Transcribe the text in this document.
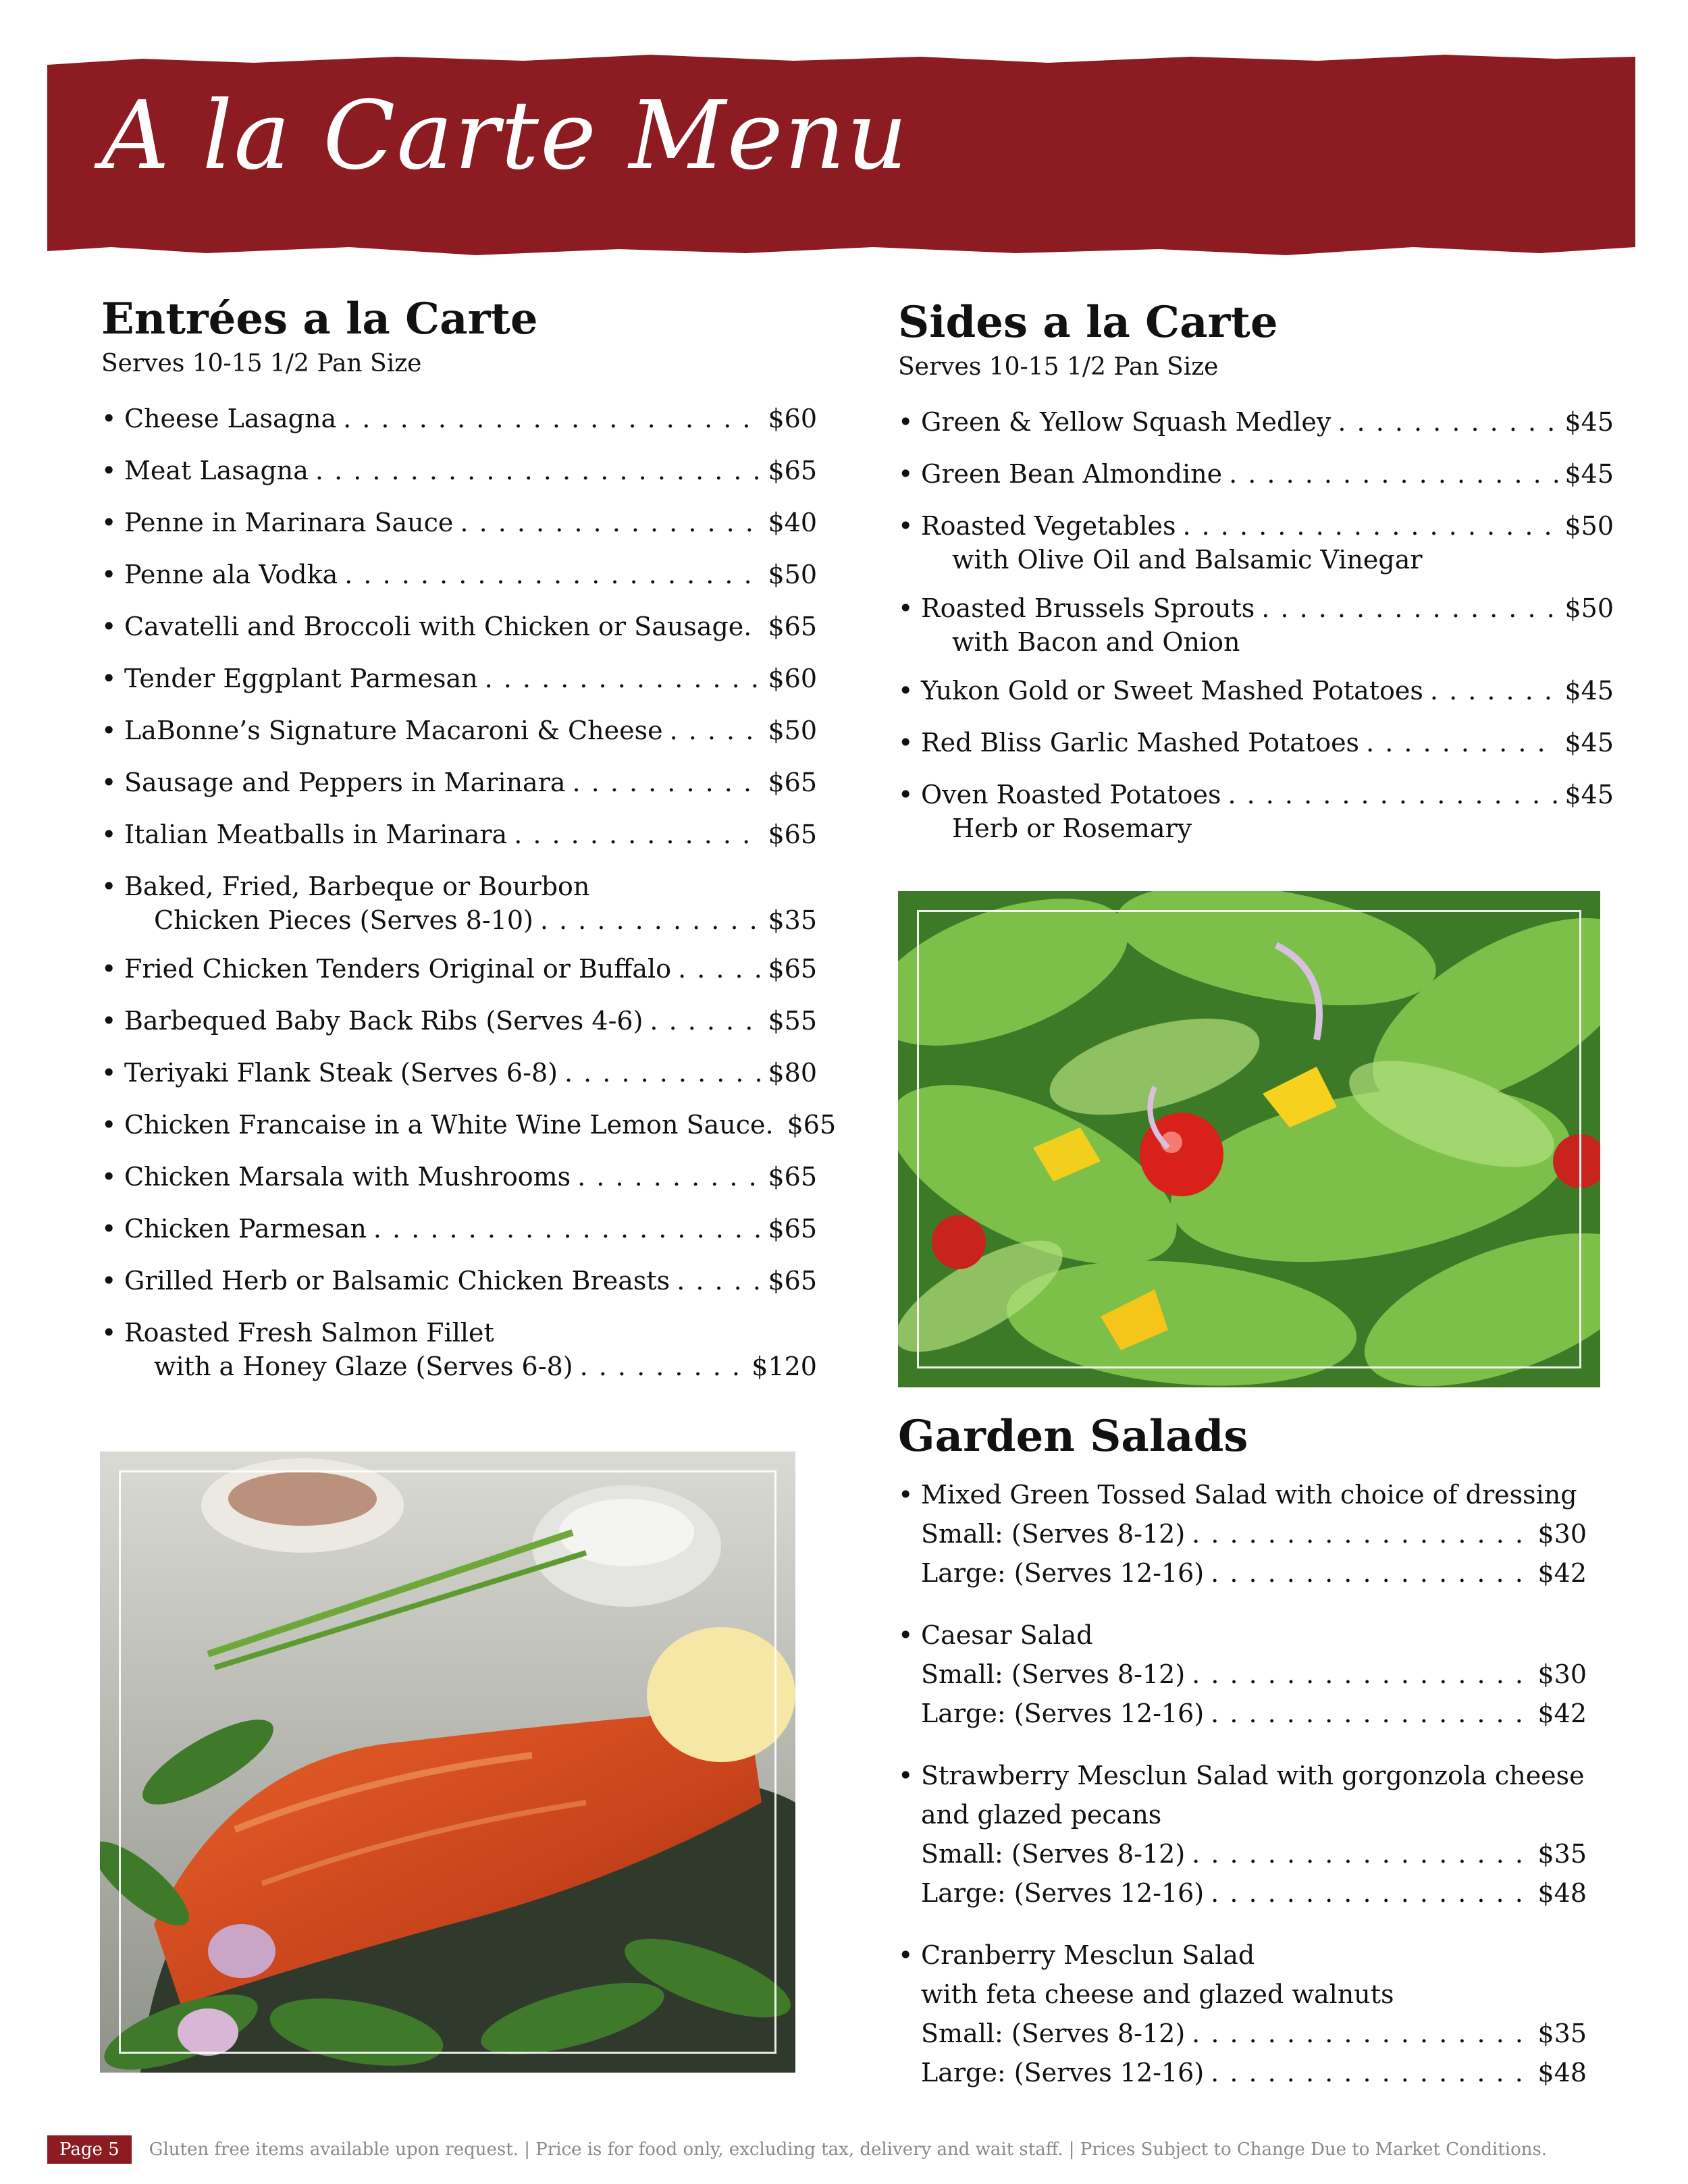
A la Carte Menu
Entrées a la Carte
Serves 10-15 1/2 Pan Size
• Cheese Lasagna . . .	$60
• Meat Lasagna . . .	$65
• Penne in Marinara Sauce . . .	$40
• Penne ala Vodka . . .	$50
• Cavatelli and Broccoli with Chicken or Sausage. . . . $65
• Tender Eggplant Parmesan . . .	$60
• LaBonne’s Signature Macaroni & Cheese . . .	$50
• Sausage and Peppers in Marinara . . .	$65
• Italian Meatballs in Marinara . . .	$65
• Baked, Fried, Barbeque or Bourbon
Chicken Pieces (Serves 8-10) . . .	$35
• Fried Chicken Tenders Original or Buffalo . . .	$65
• Barbequed Baby Back Ribs (Serves 4-6) . . .	$55
• Teriyaki Flank Steak (Serves 6-8) . . .	$80
• Chicken Francaise in a White Wine Lemon Sauce. $65
• Chicken Marsala with Mushrooms . . .	$65
• Chicken Parmesan . . .	$65
• Grilled Herb or Balsamic Chicken Breasts . . .	$65
• Roasted Fresh Salmon Fillet
with a Honey Glaze (Serves 6-8) . . .	$120
Sides a la Carte
Serves 10-15 1/2 Pan Size
• Green & Yellow Squash Medley . . .	$45
• Green Bean Almondine . . .	$45
• Roasted Vegetables . . .	$50
with Olive Oil and Balsamic Vinegar
• Roasted Brussels Sprouts . . .	$50
with Bacon and Onion
• Yukon Gold or Sweet Mashed Potatoes . . .	$45
• Red Bliss Garlic Mashed Potatoes . . .	$45
• Oven Roasted Potatoes . . .	$45
Herb or Rosemary
Garden Salads
• Mixed Green Tossed Salad with choice of dressing
Small: (Serves 8-12) . . .	$30
Large: (Serves 12-16) . . .	$42
• Caesar Salad
Small: (Serves 8-12) . . .	$30
Large: (Serves 12-16) . . .	$42
• Strawberry Mesclun Salad with gorgonzola cheese
and glazed pecans
Small: (Serves 8-12) . . .	$35
Large: (Serves 12-16) . . .	$48
• Cranberry Mesclun Salad
with feta cheese and glazed walnuts
Small: (Serves 8-12) . . .	$35
Large: (Serves 12-16) . . .	$48
Page 5	Gluten free items available upon request. | Price is for food only, excluding tax, delivery and wait staff. | Prices Subject to Change Due to Market Conditions.
